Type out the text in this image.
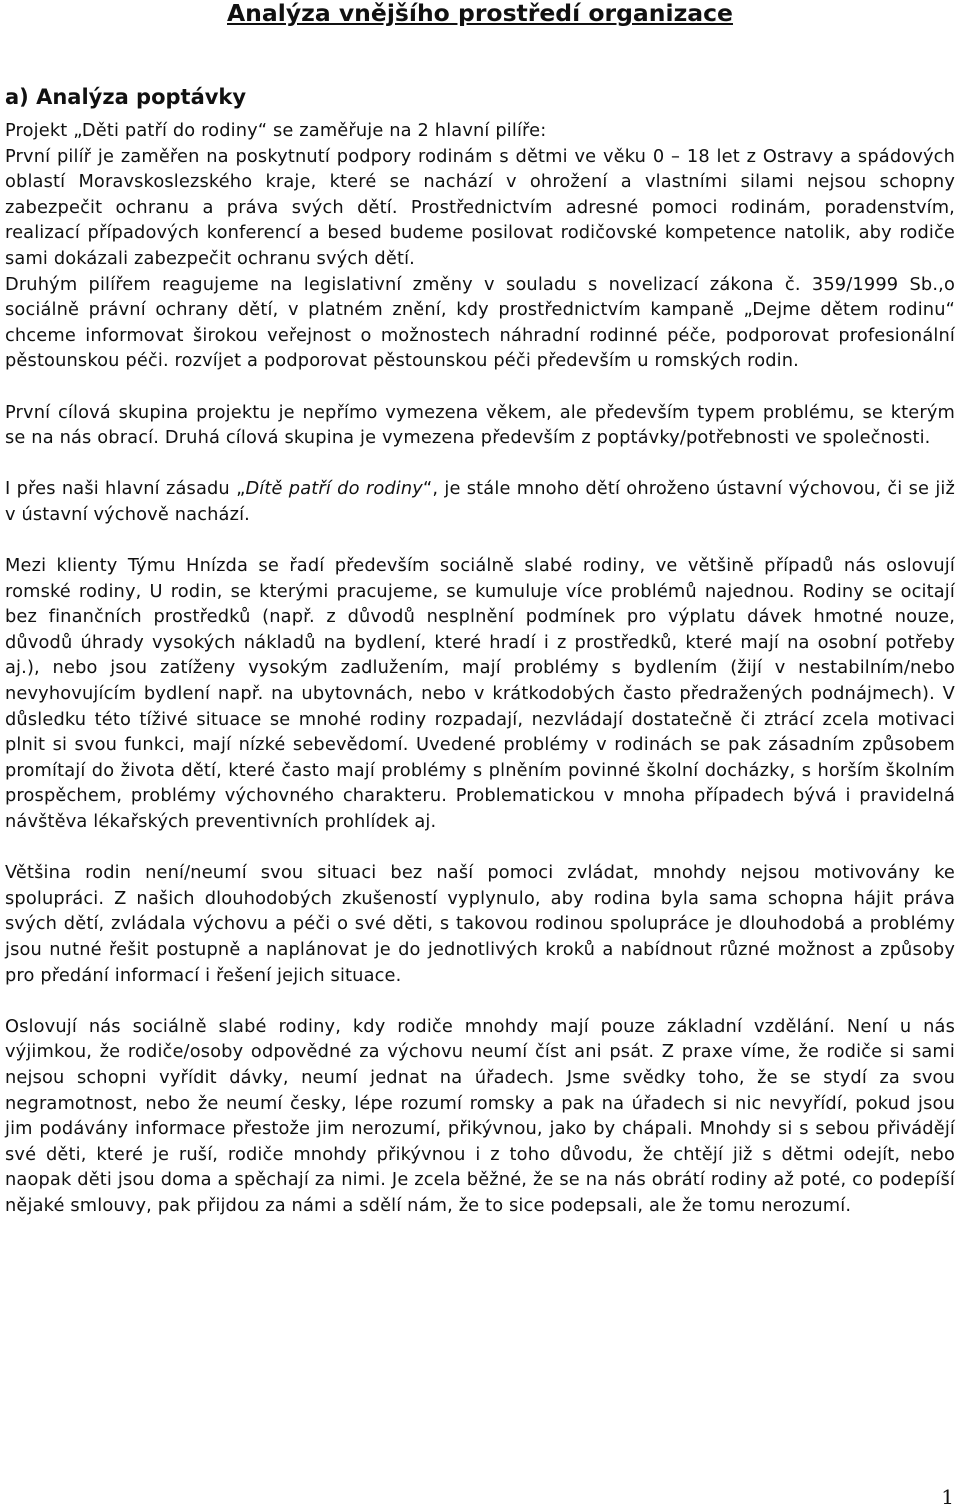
Analýza vnějšího prostředí organizace
a) Analýza poptávky

Projekt „Děti patří do rodiny“ se zaměřuje na 2 hlavní pilíře:

První pilíř je zaměřen na poskytnutí podpory rodinám s dětmi ve věku 0 – 18 let z Ostravy a spádových oblastí Moravskoslezského kraje, které se nachází v ohrožení a vlastními silami nejsou schopny zabezpečit ochranu a práva svých dětí. Prostřednictvím adresné pomoci rodinám, poradenstvím, realizací případových konferencí a besed budeme posilovat rodičovské kompetence natolik, aby rodiče sami dokázali zabezpečit ochranu svých dětí.

Druhým pilířem reagujeme na legislativní změny v souladu s novelizací zákona č. 359/1999 Sb.,o sociálně právní ochrany dětí, v platném znění, kdy prostřednictvím kampaně „Dejme dětem rodinu“ chceme informovat širokou veřejnost o možnostech náhradní rodinné péče, podporovat profesionální pěstounskou péči. rozvíjet a podporovat pěstounskou péči především u romských rodin.

První cílová skupina projektu je nepřímo vymezena věkem, ale především typem problému, se kterým se na nás obrací. Druhá cílová skupina je vymezena především z poptávky/potřebnosti ve společnosti.

I přes naši hlavní zásadu „Dítě patří do rodiny“, je stále mnoho dětí ohroženo ústavní výchovou, či se již v ústavní výchově nachází.

Mezi klienty Týmu Hnízda se řadí především sociálně slabé rodiny, ve většině případů nás oslovují romské rodiny, U rodin, se kterými pracujeme, se kumuluje více problémů najednou. Rodiny se ocitají bez finančních prostředků (např. z důvodů nesplnění podmínek pro výplatu dávek hmotné nouze, důvodů úhrady vysokých nákladů na bydlení, které hradí i z prostředků, které mají na osobní potřeby aj.), nebo jsou zatíženy vysokým zadlužením, mají problémy s bydlením (žijí v nestabilním/nebo nevyhovujícím bydlení např. na ubytovnách, nebo v krátkodobých často předražených podnájmech). V důsledku této tíživé situace se mnohé rodiny rozpadají, nezvládají dostatečně či ztrácí zcela motivaci plnit si svou funkci, mají nízké sebevědomí. Uvedené problémy v rodinách se pak zásadním způsobem promítají do života dětí, které často mají problémy s plněním povinné školní docházky, s horším školním prospěchem, problémy výchovného charakteru. Problematickou v mnoha případech bývá i pravidelná návštěva lékařských preventivních prohlídek aj.

Většina rodin není/neumí svou situaci bez naší pomoci zvládat, mnohdy nejsou motivovány ke spolupráci. Z našich dlouhodobých zkušeností vyplynulo, aby rodina byla sama schopna hájit práva svých dětí, zvládala výchovu a péči o své děti, s takovou rodinou spolupráce je dlouhodobá a problémy jsou nutné řešit postupně a naplánovat je do jednotlivých kroků a nabídnout různé možnost a způsoby pro předání informací i řešení jejich situace.

Oslovují nás sociálně slabé rodiny, kdy rodiče mnohdy mají pouze základní vzdělání. Není u nás výjimkou, že rodiče/osoby odpovědné za výchovu neumí číst ani psát. Z praxe víme, že rodiče si sami nejsou schopni vyřídit dávky, neumí jednat na úřadech. Jsme svědky toho, že se stydí za svou negramotnost, nebo že neumí česky, lépe rozumí romsky a pak na úřadech si nic nevyřídí, pokud jsou jim podávány informace přestože jim nerozumí, přikývnou, jako by chápali. Mnohdy si s sebou přivádějí své děti, které je ruší, rodiče mnohdy přikývnou i z toho důvodu, že chtějí již s dětmi odejít, nebo naopak děti jsou doma a spěchají za nimi. Je zcela běžné, že se na nás obrátí rodiny až poté, co podepíší nějaké smlouvy, pak přijdou za námi a sdělí nám, že to sice podepsali, ale že tomu nerozumí.

1
